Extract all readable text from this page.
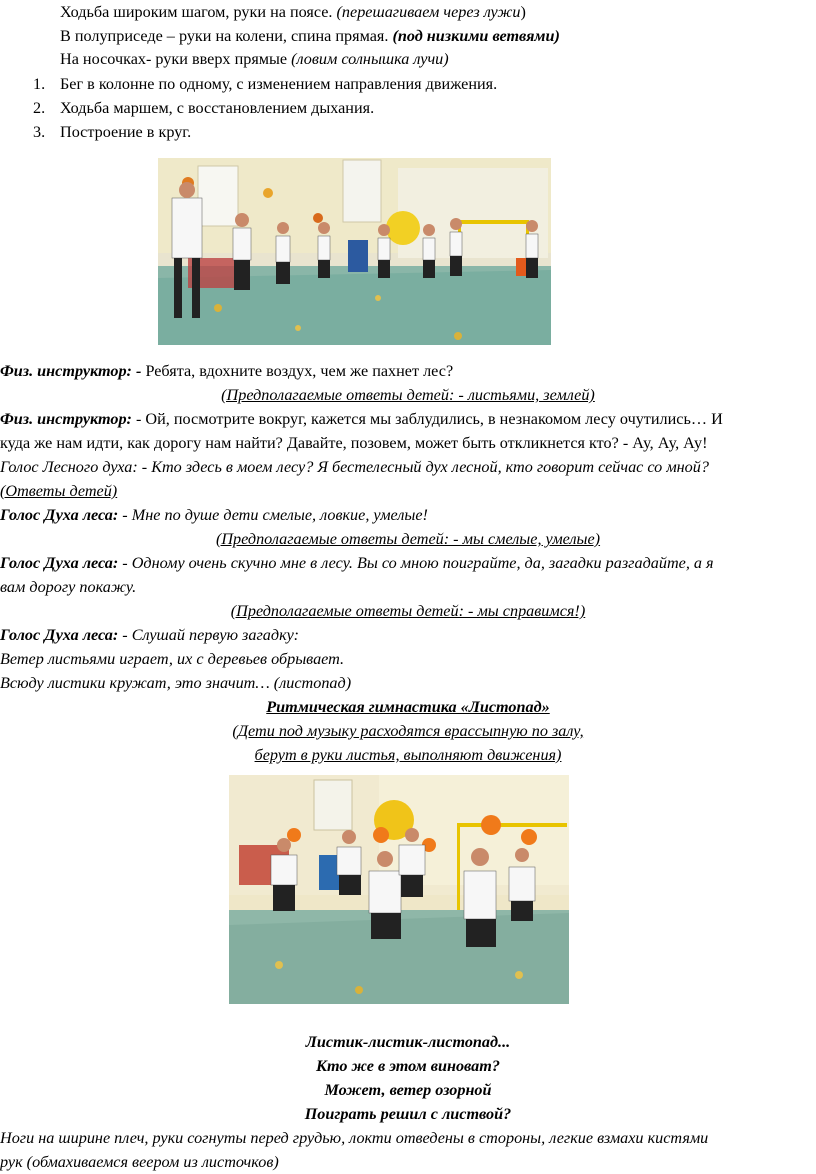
Ходьба широким шагом, руки на поясе. (перешагиваем через лужи)
В полуприседе – руки на колени, спина прямая. (под низкими ветвями)
На носочках- руки вверх прямые (ловим солнышка лучи)
1. Бег в колонне по одному, с изменением направления движения.
2. Ходьба маршем, с восстановлением дыхания.
3. Построение в круг.
Физ. инструктор: - Ребята, вдохните воздух, чем же пахнет лес?
(Предполагаемые ответы детей: - листьями, землей)
Физ. инструктор: - Ой, посмотрите вокруг, кажется мы заблудились, в незнакомом лесу очутились… И
куда же нам идти, как дорогу нам найти? Давайте, позовем, может быть откликнется кто? - Ау, Ау, Ау!
Голос Лесного духа: - Кто здесь в моем лесу? Я бестелесный дух лесной, кто говорит сейчас со мной?
(Ответы детей)
Голос Духа леса: - Мне по душе дети смелые, ловкие, умелые!
(Предполагаемые ответы детей: - мы смелые, умелые)
Голос Духа леса: - Одному очень скучно мне в лесу. Вы со мною поиграйте, да, загадки разгадайте, а я
вам дорогу покажу.
(Предполагаемые ответы детей: - мы справимся!)
Голос Духа леса: - Слушай первую загадку:
Ветер листьями играет, их с деревьев обрывает.
Всюду листики кружат, это значит… (листопад)
Ритмическая гимнастика «Листопад»
(Дети под музыку расходятся врассыпную по залу,
берут в руки листья, выполняют движения)
Листик-листик-листопад...
Кто же в этом виноват?
Может, ветер озорной
Поиграть решил с листвой?
Ноги на ширине плеч, руки согнуты перед грудью, локти отведены в стороны, легкие взмахи кистями
рук (обмахиваемся веером из листочков)
